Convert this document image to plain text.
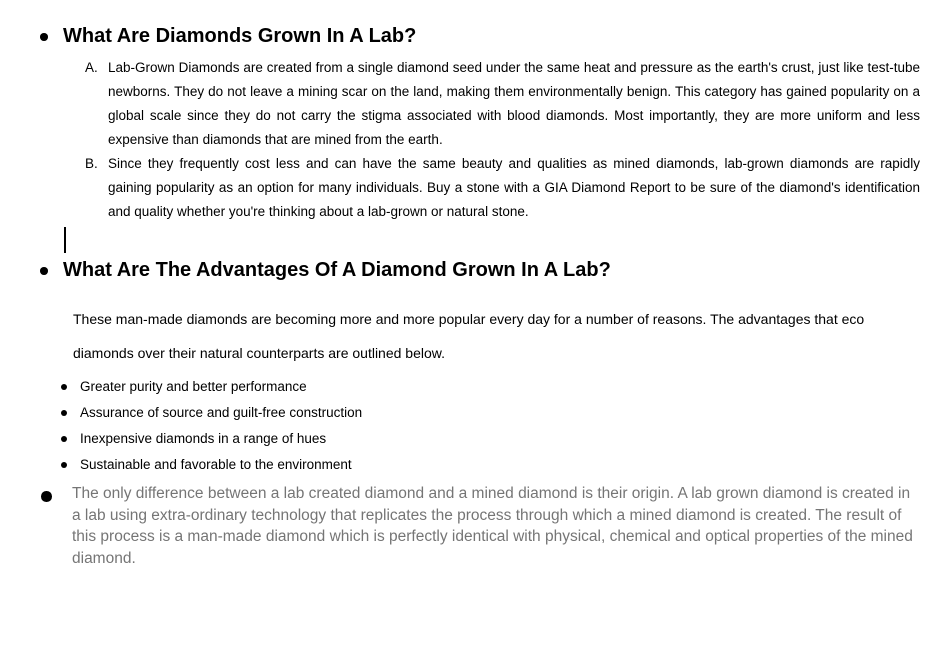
What Are Diamonds Grown In A Lab?
A. Lab-Grown Diamonds are created from a single diamond seed under the same heat and pressure as the earth's crust, just like test-tube newborns. They do not leave a mining scar on the land, making them environmentally benign. This category has gained popularity on a global scale since they do not carry the stigma associated with blood diamonds. Most importantly, they are more uniform and less expensive than diamonds that are mined from the earth.
B. Since they frequently cost less and can have the same beauty and qualities as mined diamonds, lab-grown diamonds are rapidly gaining popularity as an option for many individuals. Buy a stone with a GIA Diamond Report to be sure of the diamond's identification and quality whether you're thinking about a lab-grown or natural stone.
What Are The Advantages Of A Diamond Grown In A Lab?
These man-made diamonds are becoming more and more popular every day for a number of reasons. The advantages that eco
diamonds over their natural counterparts are outlined below.
Greater purity and better performance
Assurance of source and guilt-free construction
Inexpensive diamonds in a range of hues
Sustainable and favorable to the environment
The only difference between a lab created diamond and a mined diamond is their origin. A lab grown diamond is created in a lab using extra-ordinary technology that replicates the process through which a mined diamond is created. The result of this process is a man-made diamond which is perfectly identical with physical, chemical and optical properties of the mined diamond.
